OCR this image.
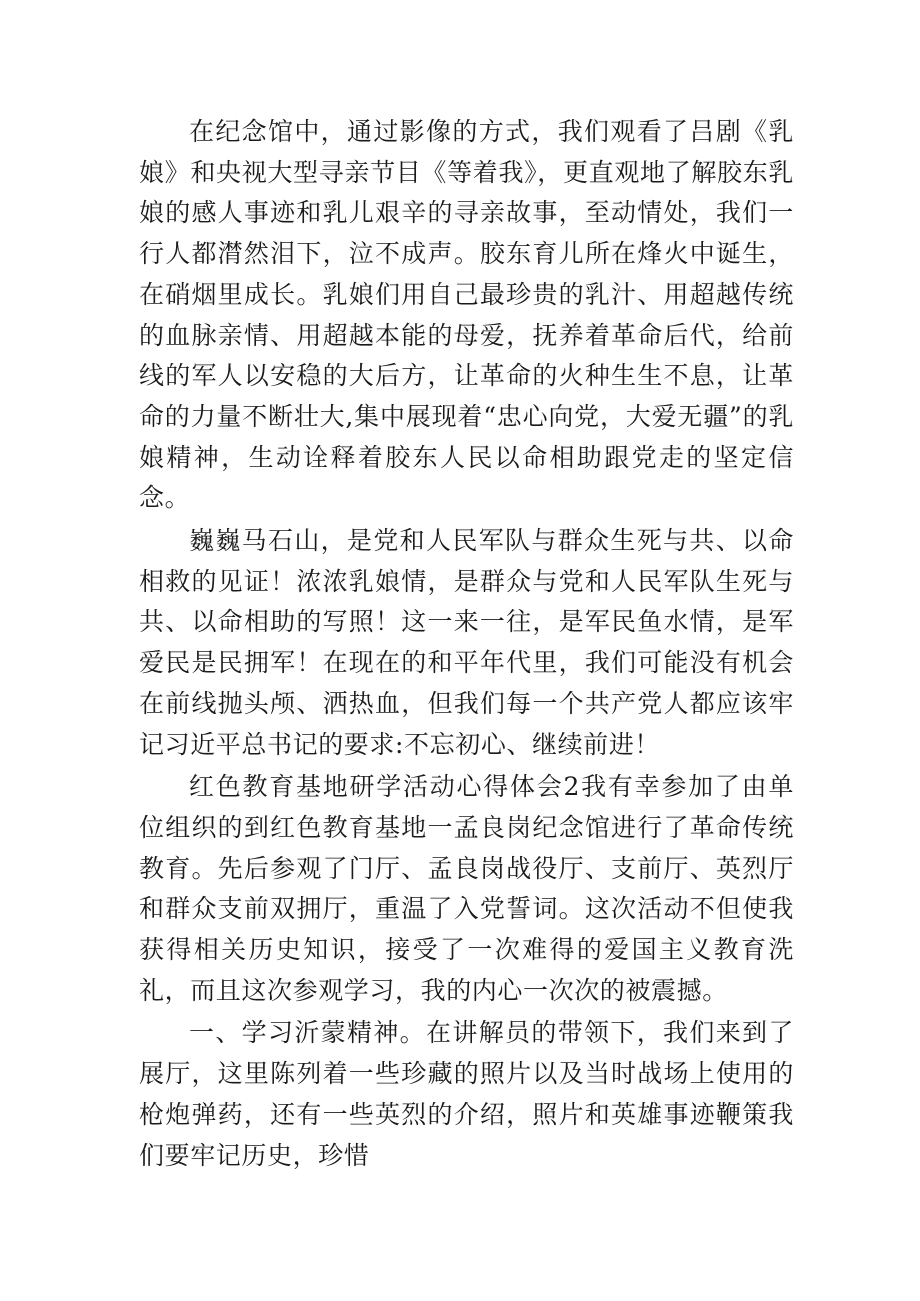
在纪念馆中，通过影像的方式，我们观看了吕剧《乳娘》和央视大型寻亲节目《等着我》，更直观地了解胶东乳娘的感人事迹和乳儿艰辛的寻亲故事，至动情处，我们一行人都潸然泪下，泣不成声。胶东育儿所在烽火中诞生，在硝烟里成长。乳娘们用自己最珍贵的乳汁、用超越传统的血脉亲情、用超越本能的母爱，抚养着革命后代，给前线的军人以安稳的大后方，让革命的火种生生不息，让革命的力量不断壮大,集中展现着“忠心向党，大爱无疆”的乳娘精神，生动诠释着胶东人民以命相助跟党走的坚定信念。

巍巍马石山，是党和人民军队与群众生死与共、以命相救的见证！浓浓乳娘情，是群众与党和人民军队生死与共、以命相助的写照！这一来一往，是军民鱼水情，是军爱民是民拥军！在现在的和平年代里，我们可能没有机会在前线抛头颅、洒热血，但我们每一个共产党人都应该牢记习近平总书记的要求:不忘初心、继续前进！

红色教育基地研学活动心得体会2我有幸参加了由单位组织的到红色教育基地一孟良岗纪念馆进行了革命传统教育。先后参观了门厅、孟良岗战役厅、支前厅、英烈厅和群众支前双拥厅，重温了入党誓词。这次活动不但使我获得相关历史知识，接受了一次难得的爱国主义教育洗礼，而且这次参观学习，我的内心一次次的被震撼。

一、学习沂蒙精神。在讲解员的带领下，我们来到了展厅，这里陈列着一些珍藏的照片以及当时战场上使用的枪炮弹药，还有一些英烈的介绍，照片和英雄事迹鞭策我们要牢记历史，珍惜
